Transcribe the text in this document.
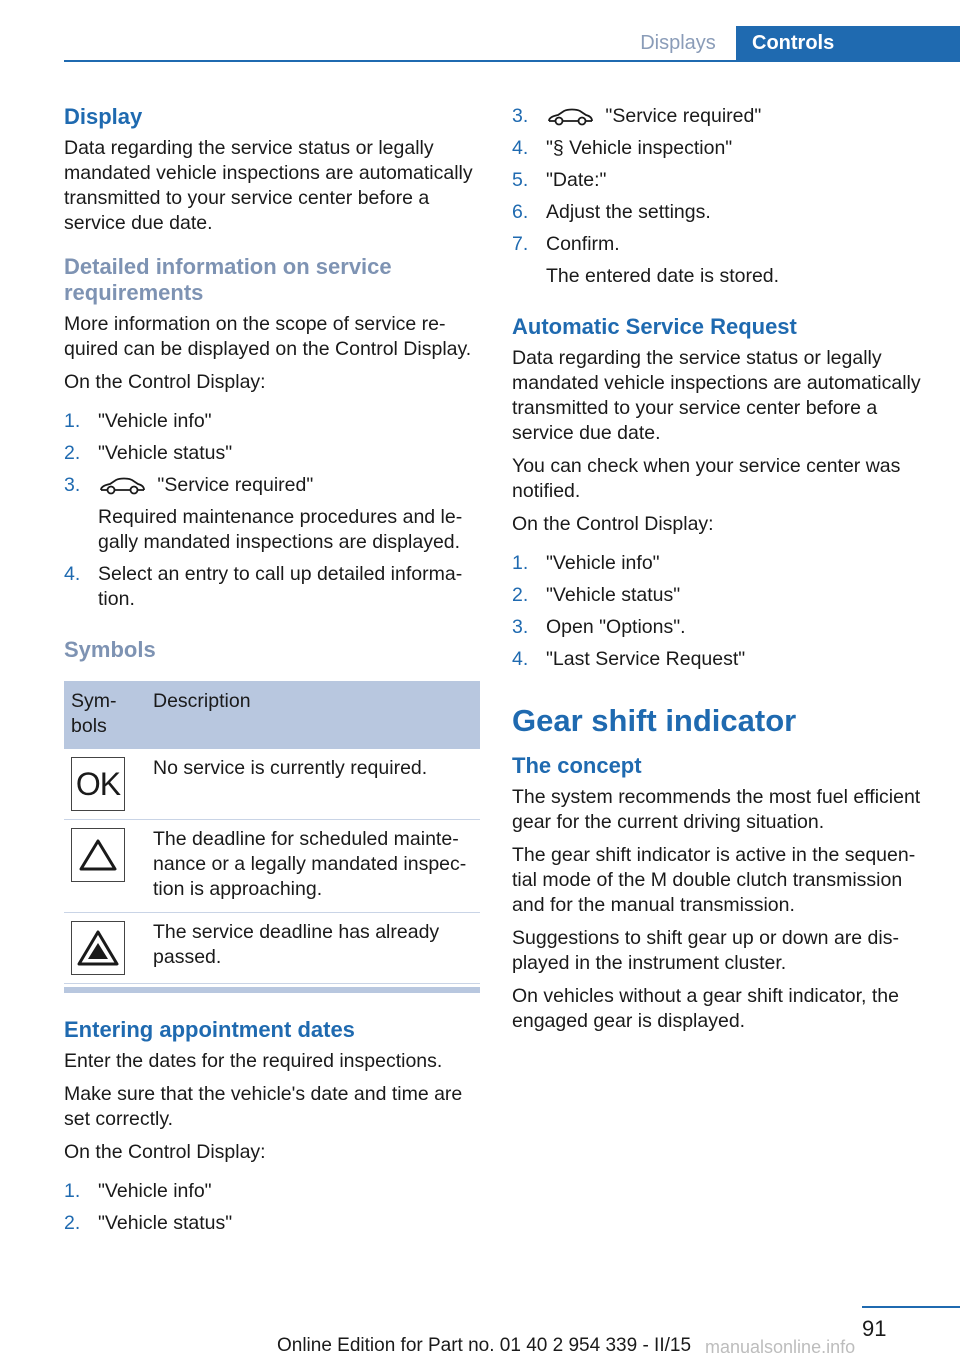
Displays	Controls
Display

Data regarding the service status or legally mandated vehicle inspections are automatically transmitted to your service center before a service due date.

Detailed information on service requirements

More information on the scope of service required can be displayed on the Control Display.

On the Control Display:

1. "Vehicle info"
2. "Vehicle status"
3.	"Service required"
Required maintenance procedures and legally mandated inspections are displayed.
4. Select an entry to call up detailed information.
Symbols
Symbols	Description

OK	No service is currently required.

	The deadline for scheduled maintenance or a legally mandated inspection is approaching.

	The service deadline has already passed.
Entering appointment dates

Enter the dates for the required inspections.

Make sure that the vehicle's date and time are set correctly.

On the Control Display:

1. "Vehicle info"
2. "Vehicle status"
3.	"Service required"
4. "§ Vehicle inspection"
5. "Date:"
6. Adjust the settings.
7. Confirm.
The entered date is stored.
Automatic Service Request

Data regarding the service status or legally mandated vehicle inspections are automatically transmitted to your service center before a service due date.

You can check when your service center was notified.

On the Control Display:

1. "Vehicle info"
2. "Vehicle status"
3. Open "Options".
4. "Last Service Request"
Gear shift indicator
The concept

The system recommends the most fuel efficient gear for the current driving situation.

The gear shift indicator is active in the sequential mode of the M double clutch transmission and for the manual transmission.

Suggestions to shift gear up or down are displayed in the instrument cluster.

On vehicles without a gear shift indicator, the engaged gear is displayed.

91
Online Edition for Part no. 01 40 2 954 339 - II/15 manualsonline.info
